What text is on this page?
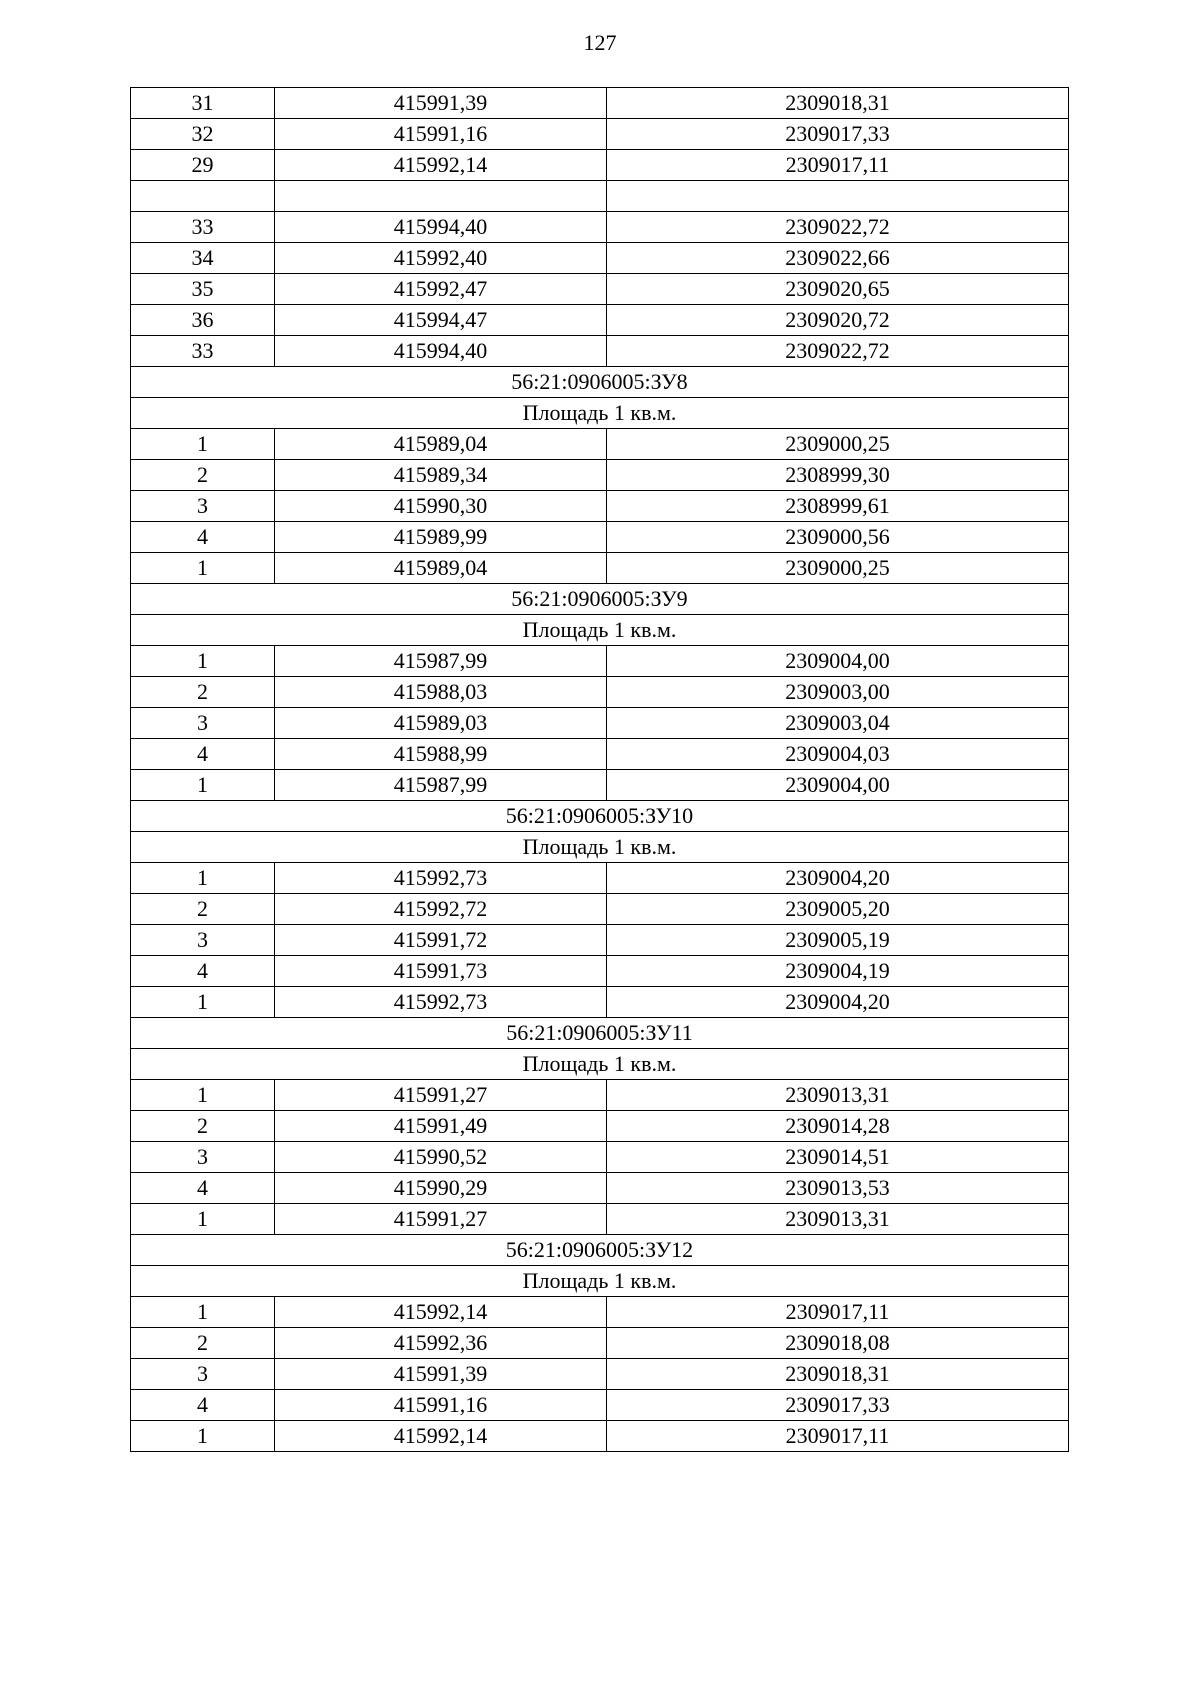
127
31	415991,39	2309018,31
32	415991,16	2309017,33
29	415992,14	2309017,11

33	415994,40	2309022,72
34	415992,40	2309022,66
35	415992,47	2309020,65
36	415994,47	2309020,72
33	415994,40	2309022,72
56:21:0906005:ЗУ8		
Площадь 1 кв.м.		
1	415989,04	2309000,25
2	415989,34	2308999,30
3	415990,30	2308999,61
4	415989,99	2309000,56
1	415989,04	2309000,25
56:21:0906005:ЗУ9		
Площадь 1 кв.м.		
1	415987,99	2309004,00
2	415988,03	2309003,00
3	415989,03	2309003,04
4	415988,99	2309004,03
1	415987,99	2309004,00
56:21:0906005:ЗУ10		
Площадь 1 кв.м.		
1	415992,73	2309004,20
2	415992,72	2309005,20
3	415991,72	2309005,19
4	415991,73	2309004,19
1	415992,73	2309004,20
56:21:0906005:ЗУ11		
Площадь 1 кв.м.		
1	415991,27	2309013,31
2	415991,49	2309014,28
3	415990,52	2309014,51
4	415990,29	2309013,53
1	415991,27	2309013,31
56:21:0906005:ЗУ12		
Площадь 1 кв.м.		
1	415992,14	2309017,11
2	415992,36	2309018,08
3	415991,39	2309018,31
4	415991,16	2309017,33
1	415992,14	2309017,11
